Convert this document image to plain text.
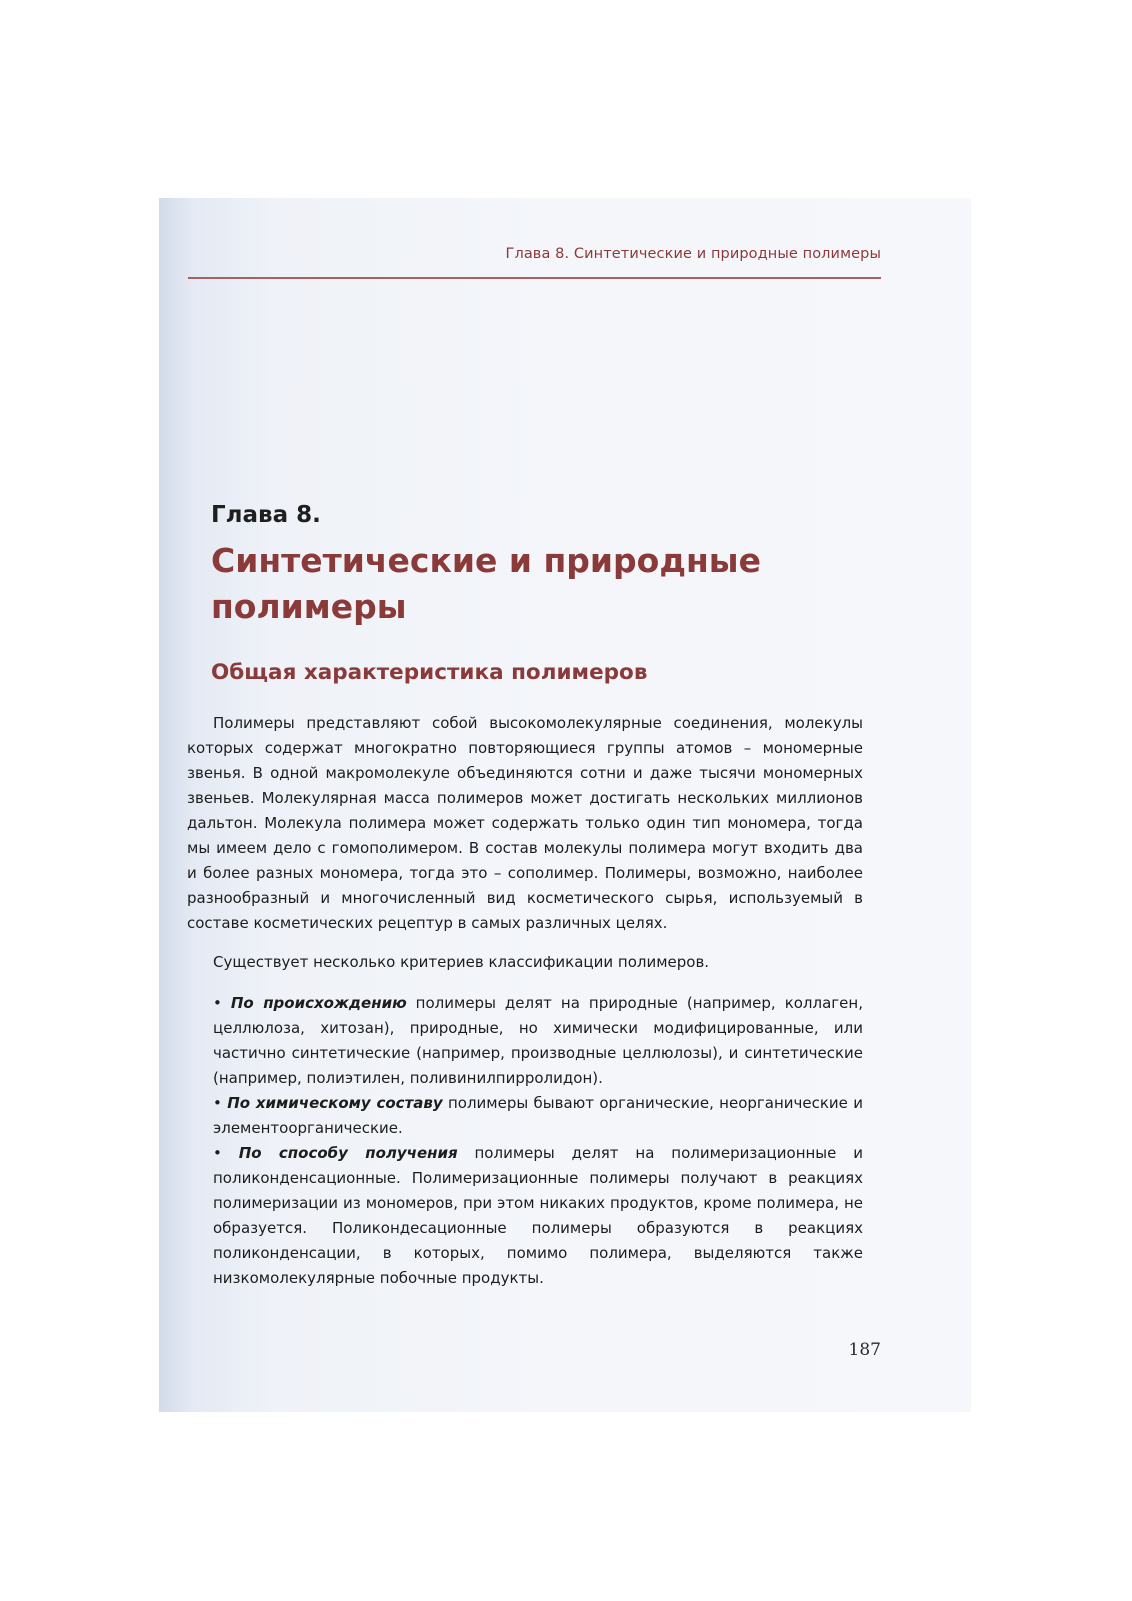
Глава 8. Синтетические и природные полимеры
Глава 8.
Синтетические и природные полимеры
Общая характеристика полимеров

Полимеры представляют собой высокомолекулярные соединения, молекулы которых содержат многократно повторяющиеся группы атомов – мономерные звенья. В одной макромолекуле объединяются сотни и даже тысячи мономерных звеньев. Молекулярная масса полимеров может достигать нескольких миллионов дальтон. Молекула полимера может содержать только один тип мономера, тогда мы имеем дело с гомополимером. В состав молекулы полимера могут входить два и более разных мономера, тогда это – сополимер. Полимеры, возможно, наиболее разнообразный и многочисленный вид косметического сырья, используемый в составе косметических рецептур в самых различных целях.

Существует несколько критериев классификации полимеров.

• По происхождению полимеры делят на природные (например, коллаген, целлюлоза, хитозан), природные, но химически модифицированные, или частично синтетические (например, производные целлюлозы), и синтетические (например, полиэтилен, поливинилпирролидон).
• По химическому составу полимеры бывают органические, неорганические и элементоорганические.
• По способу получения полимеры делят на полимеризационные и поликонденсационные. Полимеризационные полимеры получают в реакциях полимеризации из мономеров, при этом никаких продуктов, кроме полимера, не образуется. Поликондесационные полимеры образуются в реакциях поликонденсации, в которых, помимо полимера, выделяются также низкомолекулярные побочные продукты.
187
